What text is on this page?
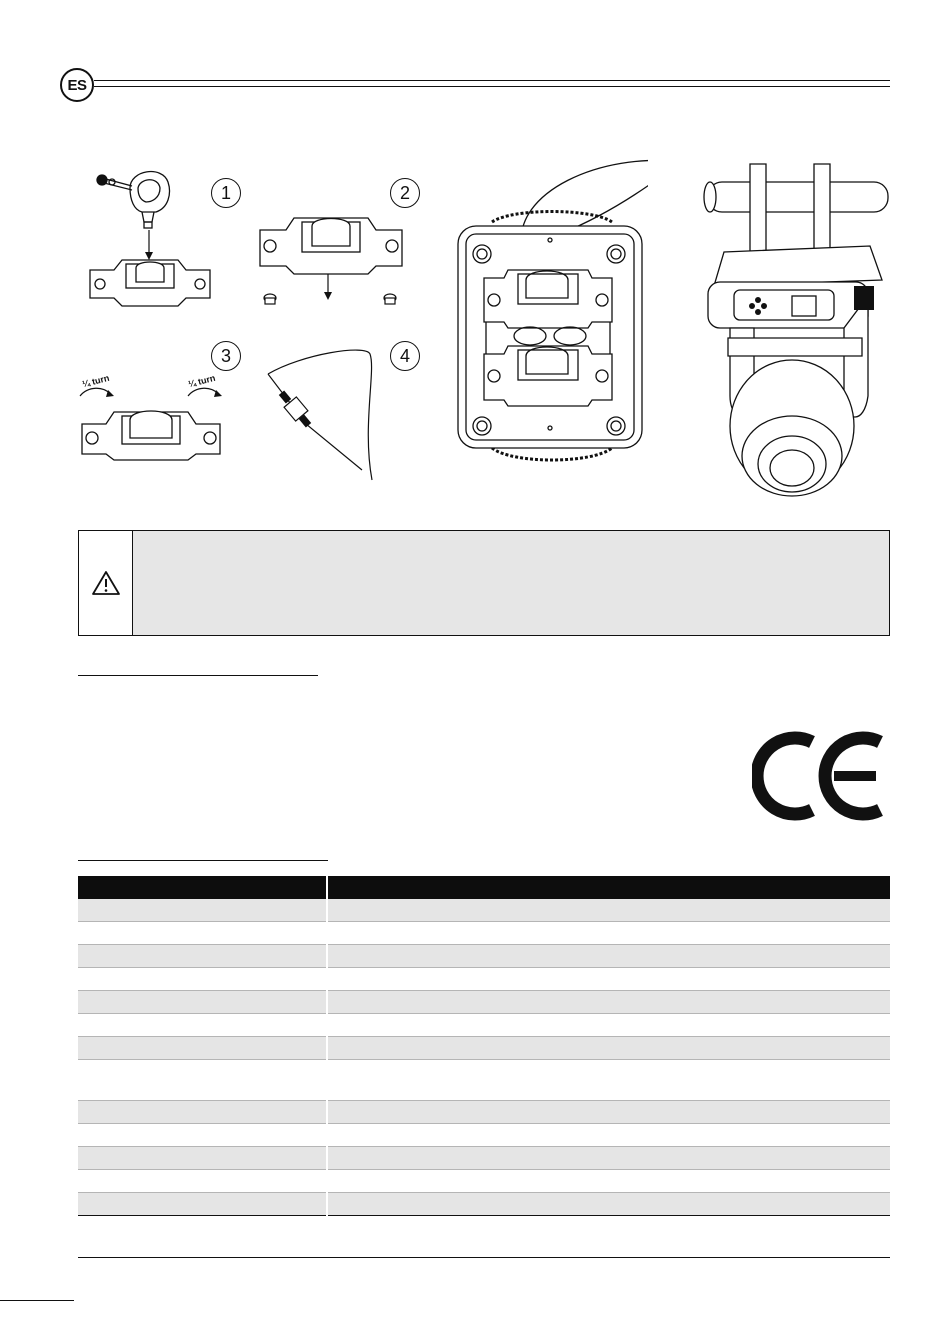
ES
1	2
3	4
¼ turn	¼ turn
